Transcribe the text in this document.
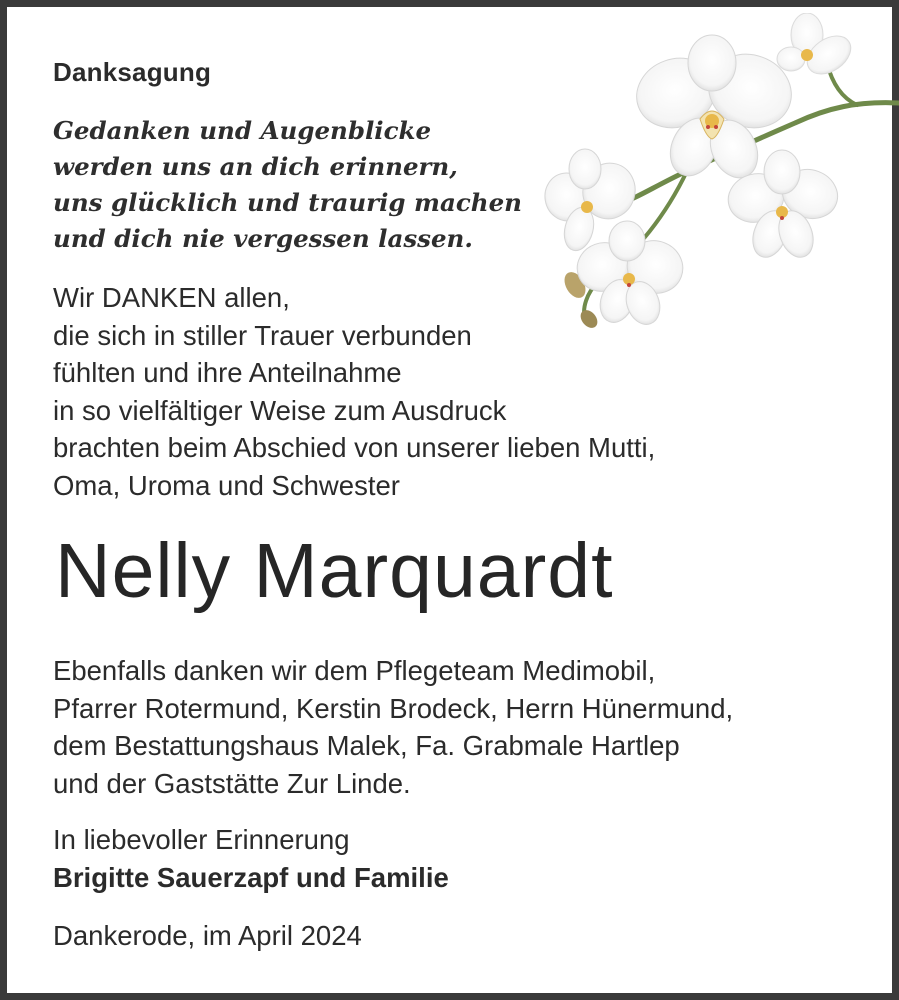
Danksagung
Gedanken und Augenblicke
werden uns an dich erinnern,
uns glücklich und traurig machen
und dich nie vergessen lassen.
Wir DANKEN allen,
die sich in stiller Trauer verbunden
fühlten und ihre Anteilnahme
in so vielfältiger Weise zum Ausdruck
brachten beim Abschied von unserer lieben Mutti,
Oma, Uroma und Schwester
Nelly Marquardt
Ebenfalls danken wir dem Pflegeteam Medimobil,
Pfarrer Rotermund, Kerstin Brodeck, Herrn Hünermund,
dem Bestattungshaus Malek, Fa. Grabmale Hartlep
und der Gaststätte Zur Linde.
In liebevoller Erinnerung
Brigitte Sauerzapf und Familie
Dankerode, im April 2024
